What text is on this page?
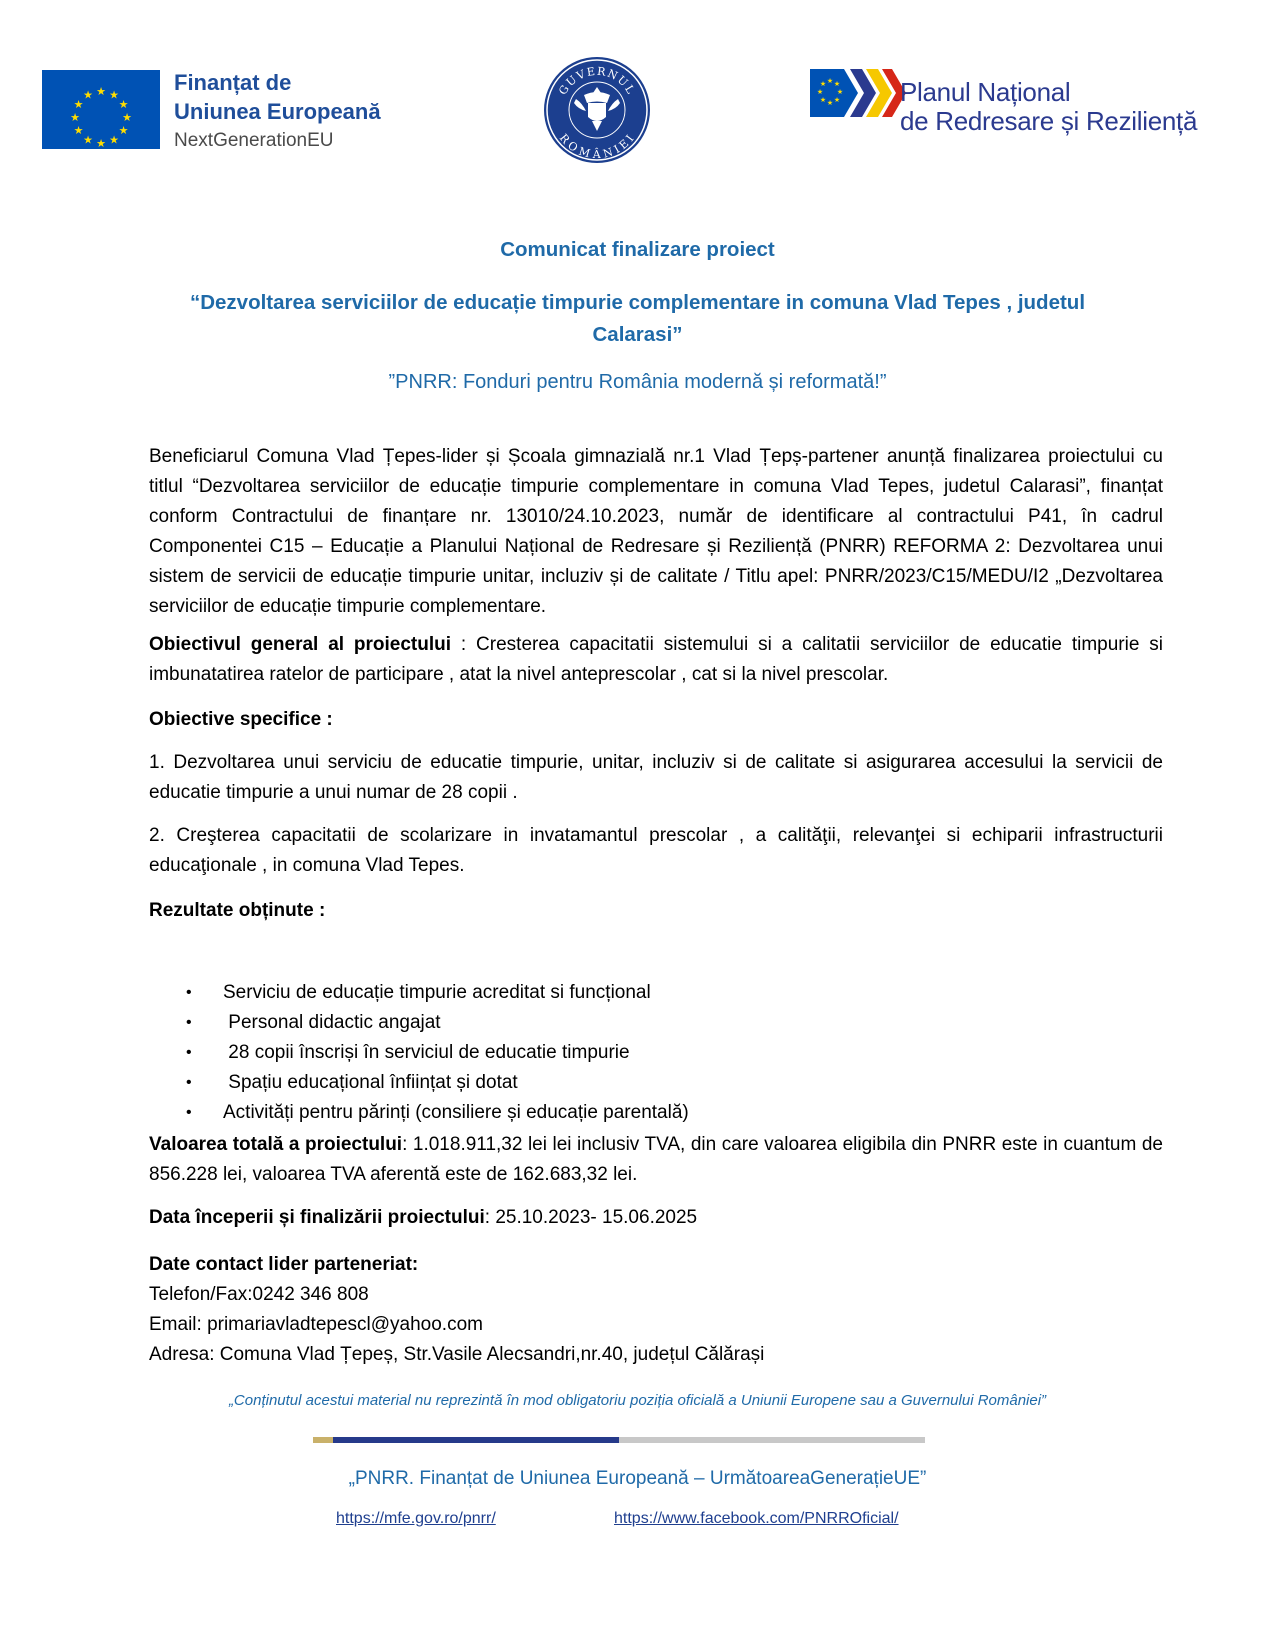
★ ★
★
★
★
★
★
★
★
★
★
★	Finanțat de
Uniunea Europeană
NextGenerationEU
GUVERNUL
ROMÂNIEI
★ ★
★
★
★
★
★
★	Planul Național
de Redresare și Reziliență
Comunicat finalizare proiect
“Dezvoltarea serviciilor de educație timpurie complementare in comuna Vlad Tepes , judetul
Calarasi”
”PNRR: Fonduri pentru România modernă și reformată!”
Beneficiarul Comuna Vlad Țepes-lider și Școala gimnazială nr.1 Vlad Țepș-partener anunță finalizarea proiectului cu titlul “Dezvoltarea serviciilor de educație timpurie complementare in comuna Vlad Tepes, judetul Calarasi”, finanțat conform Contractului de finanțare nr. 13010/24.10.2023, număr de identificare al contractului P41, în cadrul Componentei C15 – Educație a Planului Național de Redresare și Reziliență (PNRR) REFORMA 2: Dezvoltarea unui sistem de servicii de educație timpurie unitar, incluziv și de calitate / Titlu apel: PNRR/2023/C15/MEDU/I2 „Dezvoltarea serviciilor de educație timpurie complementare.
Obiectivul general al proiectului : Cresterea capacitatii sistemului si a calitatii serviciilor de educatie timpurie si imbunatatirea ratelor de participare , atat la nivel anteprescolar , cat si la nivel prescolar.
Obiective specifice :
1. Dezvoltarea unui serviciu de educatie timpurie, unitar, incluziv si de calitate si asigurarea accesului la servicii de educatie timpurie a unui numar de 28 copii .
2. Creşterea capacitatii de scolarizare in invatamantul prescolar , a calităţii, relevanţei si echiparii infrastructurii educaţionale , in comuna Vlad Tepes.
Rezultate obținute :
•	Serviciu de educație timpurie acreditat si funcțional
•	Personal didactic angajat
•	28 copii înscriși în serviciul de educatie timpurie
•	Spațiu educațional înființat și dotat
•	Activități pentru părinți (consiliere și educație parentală)
Valoarea totală a proiectului: 1.018.911,32 lei lei inclusiv TVA, din care valoarea eligibila din PNRR este in cuantum de 856.228 lei, valoarea TVA aferentă este de 162.683,32 lei.
Data începerii și finalizării proiectului: 25.10.2023- 15.06.2025
Date contact lider parteneriat:
Telefon/Fax:0242 346 808
Email: primariavladtepescl@yahoo.com
Adresa: Comuna Vlad Țepeș, Str.Vasile Alecsandri,nr.40, județul Călărași
„Conținutul acestui material nu reprezintă în mod obligatoriu poziția oficială a Uniunii Europene sau a Guvernului României”
„PNRR. Finanțat de Uniunea Europeană – UrmătoareaGenerațieUE”
https://mfe.gov.ro/pnrr/	https://www.facebook.com/PNRROficial/
